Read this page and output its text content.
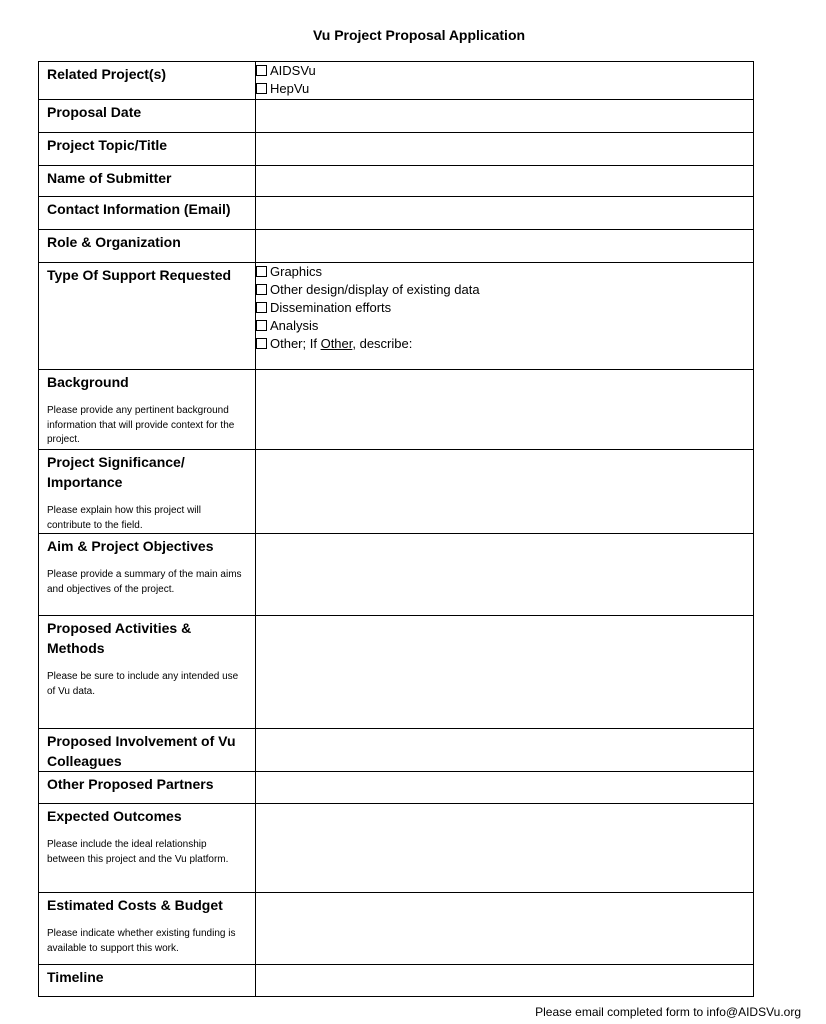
Vu Project Proposal Application
Related Project(s)	AIDSVu
HepVu

Proposal Date	

Project Topic/Title	

Name of Submitter	

Contact Information (Email)	

Role & Organization	

Type Of Support Requested	Graphics
Other design/display of existing data
Dissemination efforts
Analysis
Other; If Other, describe:

Background
Please provide any pertinent background information that will provide context for the project.	

Project Significance/ Importance
Please explain how this project will contribute to the field.	

Aim & Project Objectives
Please provide a summary of the main aims and objectives of the project.	

Proposed Activities & Methods
Please be sure to include any intended use of Vu data.	

Proposed Involvement of Vu Colleagues	

Other Proposed Partners	

Expected Outcomes
Please include the ideal relationship between this project and the Vu platform.	

Estimated Costs & Budget
Please indicate whether existing funding is available to support this work.	

Timeline	

Please email completed form to info@AIDSVu.org
